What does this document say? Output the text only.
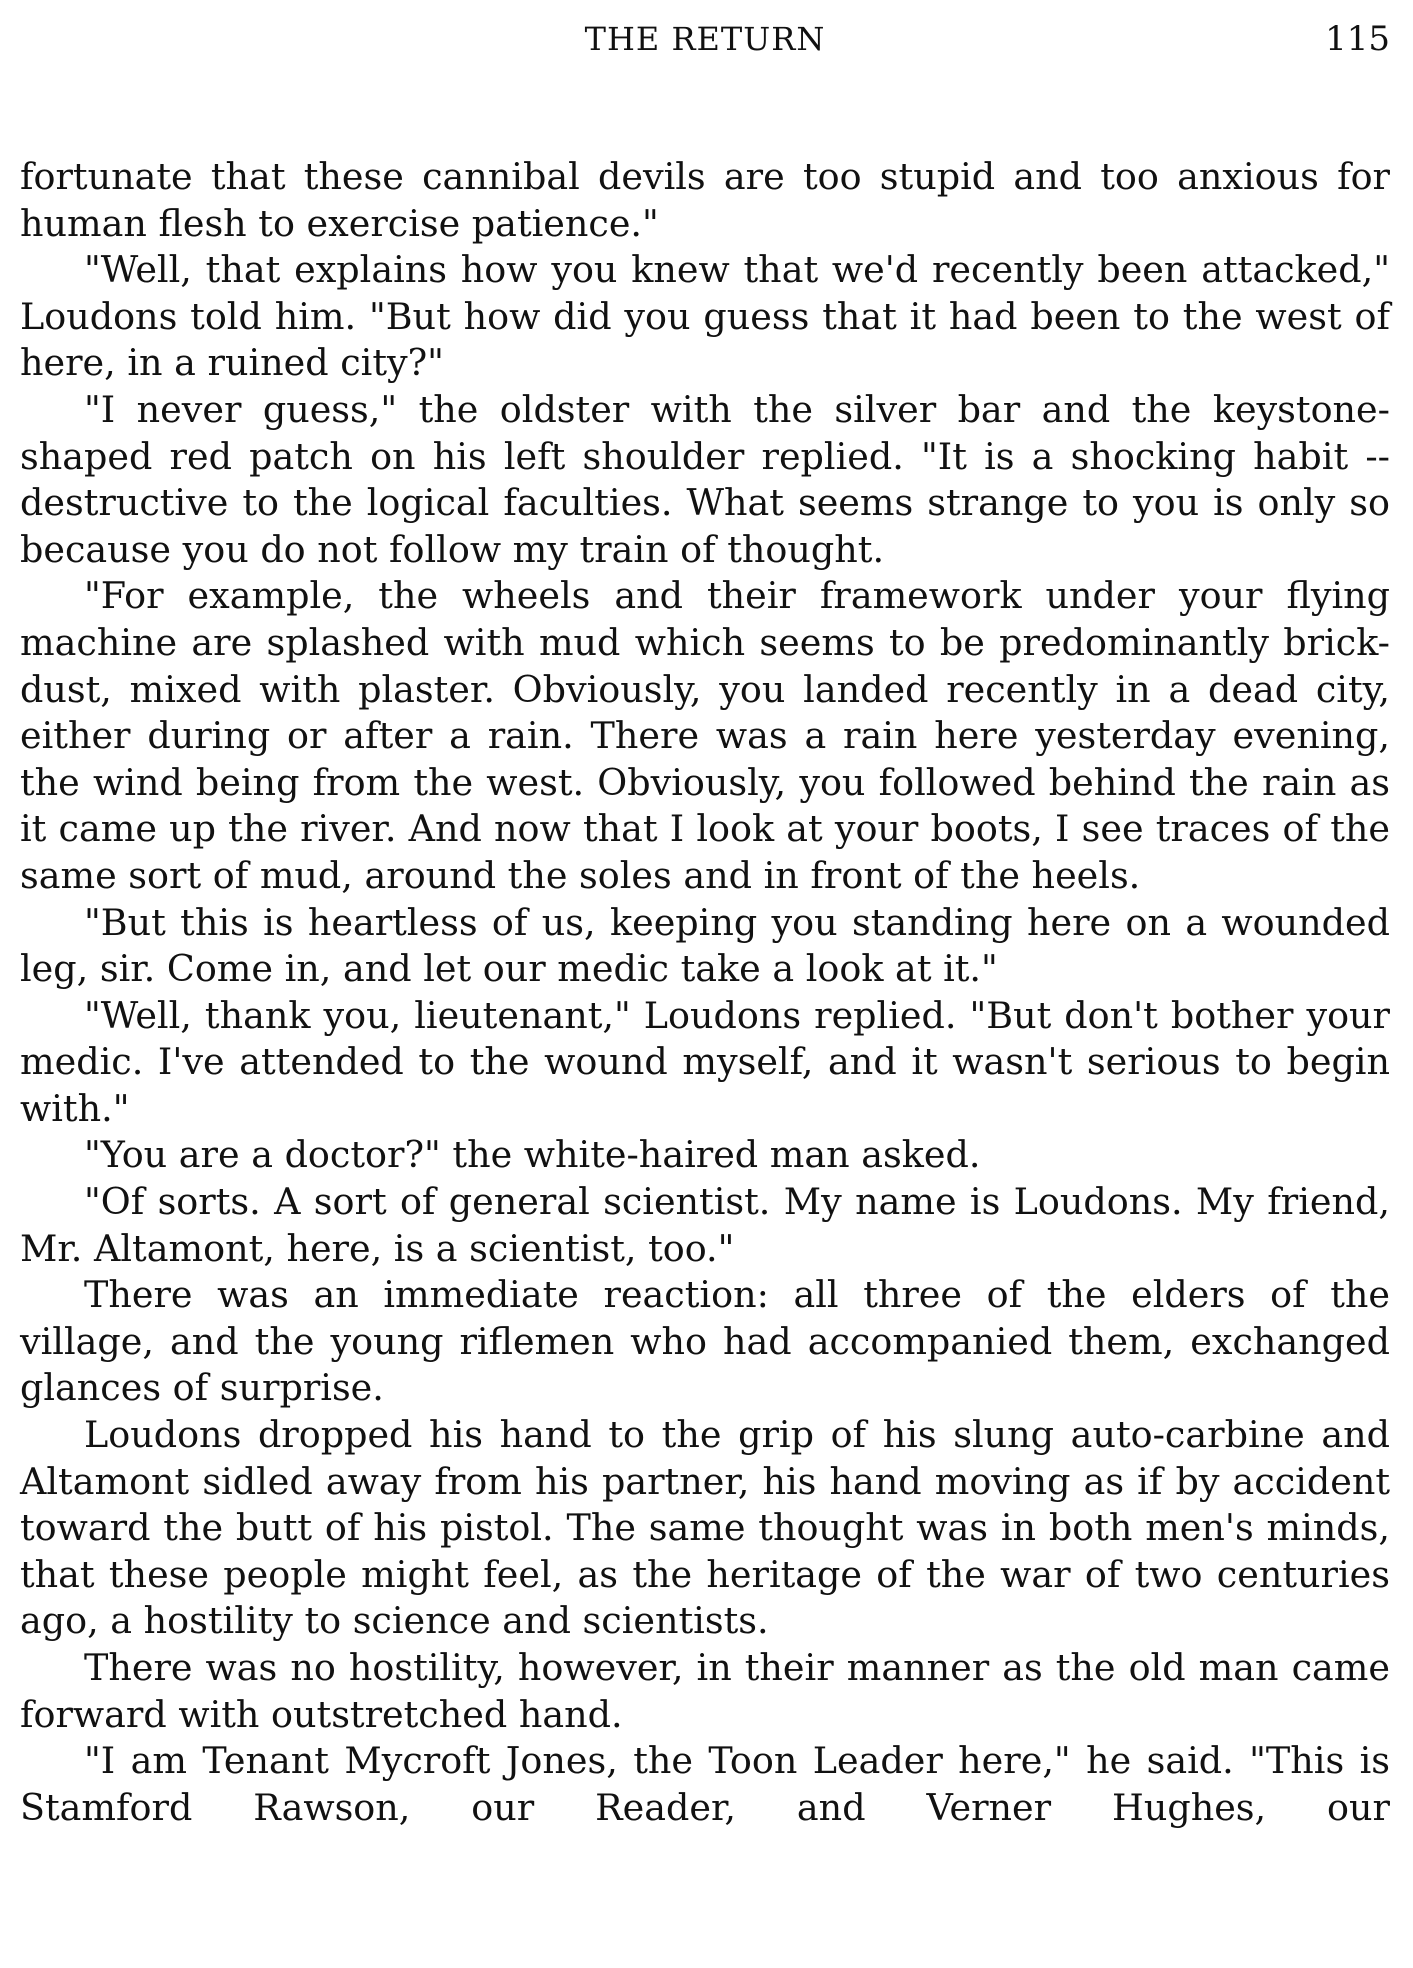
THE RETURN	115

fortunate that these cannibal devils are too stupid and too anxious for human flesh to exercise patience."

"Well, that explains how you knew that we'd recently been attacked," Loudons told him. "But how did you guess that it had been to the west of here, in a ruined city?"

"I never guess," the oldster with the silver bar and the keystone-shaped red patch on his left shoulder replied. "It is a shocking habit -- destructive to the logical faculties. What seems strange to you is only so because you do not follow my train of thought.

"For example, the wheels and their framework under your flying machine are splashed with mud which seems to be predominantly brick-dust, mixed with plaster. Obviously, you landed recently in a dead city, either during or after a rain. There was a rain here yesterday evening, the wind being from the west. Obviously, you followed behind the rain as it came up the river. And now that I look at your boots, I see traces of the same sort of mud, around the soles and in front of the heels.

"But this is heartless of us, keeping you standing here on a wounded leg, sir. Come in, and let our medic take a look at it."

"Well, thank you, lieutenant," Loudons replied. "But don't bother your medic. I've attended to the wound myself, and it wasn't serious to begin with."

"You are a doctor?" the white-haired man asked.

"Of sorts. A sort of general scientist. My name is Loudons. My friend, Mr. Altamont, here, is a scientist, too."

There was an immediate reaction: all three of the elders of the village, and the young riflemen who had accompanied them, exchanged glances of surprise.

Loudons dropped his hand to the grip of his slung auto-carbine and Altamont sidled away from his partner, his hand moving as if by accident toward the butt of his pistol. The same thought was in both men's minds, that these people might feel, as the heritage of the war of two centuries ago, a hostility to science and scientists.

There was no hostility, however, in their manner as the old man came forward with outstretched hand.

"I am Tenant Mycroft Jones, the Toon Leader here," he said. "This is Stamford Rawson, our Reader, and Verner Hughes, our
